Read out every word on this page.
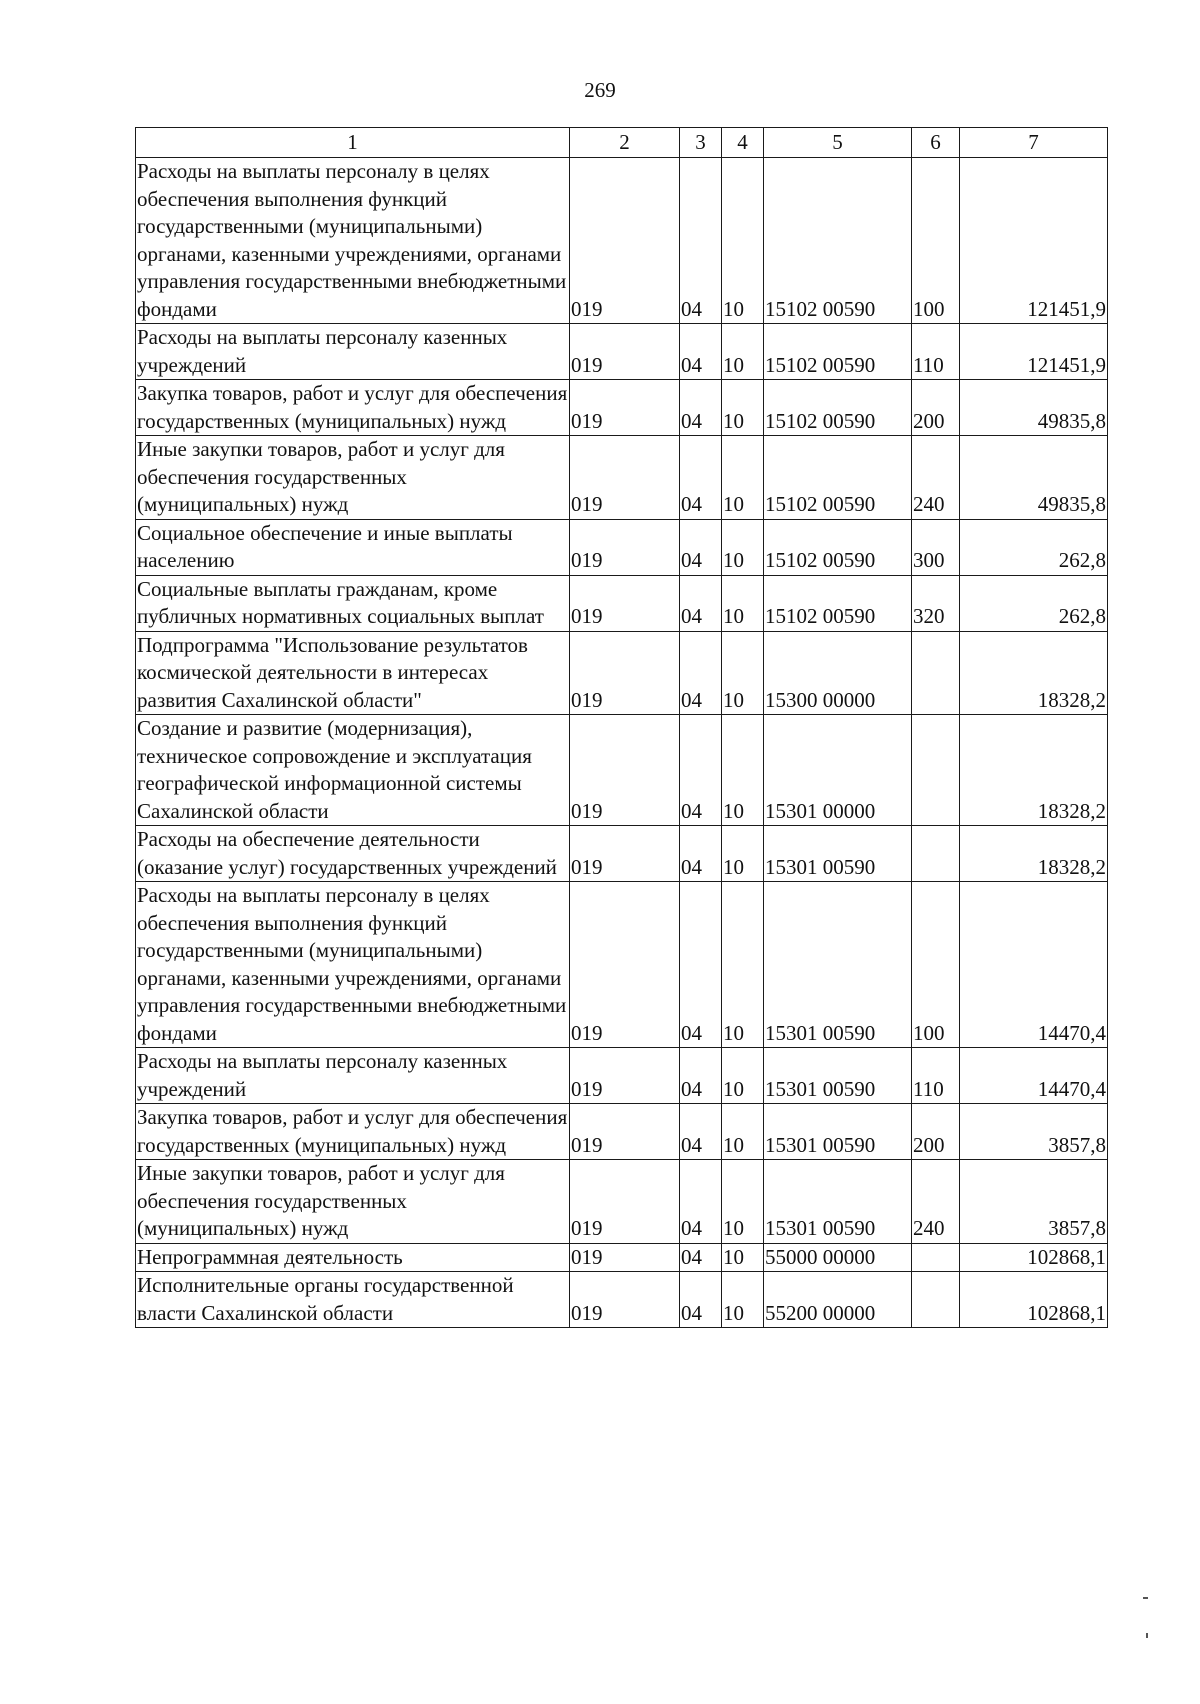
269
1	2	3	4	5	6	7
Расходы на выплаты персоналу в целях обеспечения выполнения функций государственными (муниципальными) органами, казенными учреждениями, органами управления государственными внебюджетными фондами	019	04	10	15102 00590	100	121451,9
Расходы на выплаты персоналу казенных учреждений	019	04	10	15102 00590	110	121451,9
Закупка товаров, работ и услуг для обеспечения государственных (муниципальных) нужд	019	04	10	15102 00590	200	49835,8
Иные закупки товаров, работ и услуг для обеспечения государственных (муниципальных) нужд	019	04	10	15102 00590	240	49835,8
Социальное обеспечение и иные выплаты населению	019	04	10	15102 00590	300	262,8
Социальные выплаты гражданам, кроме публичных нормативных социальных выплат	019	04	10	15102 00590	320	262,8
Подпрограмма "Использование результатов космической деятельности в интересах развития Сахалинской области"	019	04	10	15300 00000		18328,2
Создание и развитие (модернизация), техническое сопровождение и эксплуатация географической информационной системы Сахалинской области	019	04	10	15301 00000		18328,2
Расходы на обеспечение деятельности (оказание услуг) государственных учреждений	019	04	10	15301 00590		18328,2
Расходы на выплаты персоналу в целях обеспечения выполнения функций государственными (муниципальными) органами, казенными учреждениями, органами управления государственными внебюджетными фондами	019	04	10	15301 00590	100	14470,4
Расходы на выплаты персоналу казенных учреждений	019	04	10	15301 00590	110	14470,4
Закупка товаров, работ и услуг для обеспечения государственных (муниципальных) нужд	019	04	10	15301 00590	200	3857,8
Иные закупки товаров, работ и услуг для обеспечения государственных (муниципальных) нужд	019	04	10	15301 00590	240	3857,8
Непрограммная деятельность	019	04	10	55000 00000		102868,1
Исполнительные органы государственной власти Сахалинской области	019	04	10	55200 00000		102868,1
